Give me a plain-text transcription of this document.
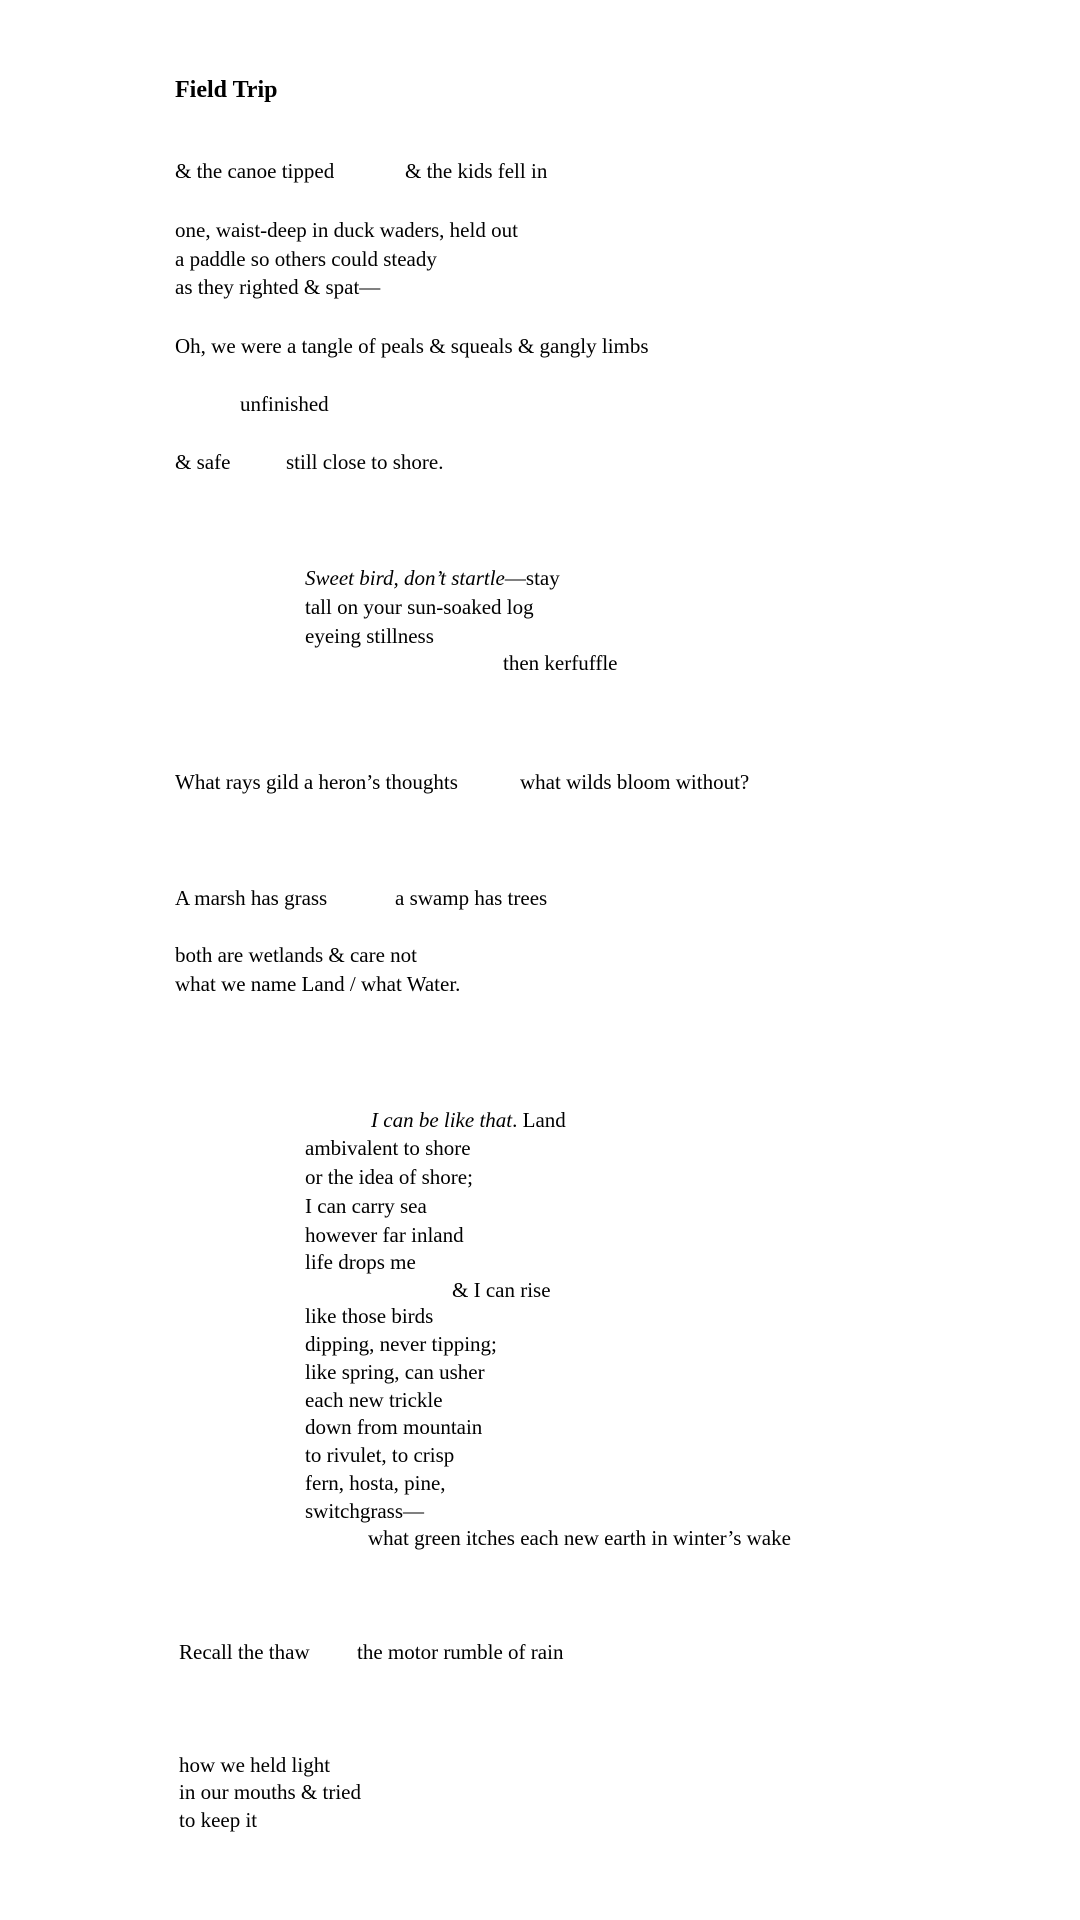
Field Trip
& the canoe tipped	& the kids fell in
one, waist-deep in duck waders, held out
a paddle so others could steady
as they righted & spat—
Oh, we were a tangle of peals & squeals & gangly limbs
unfinished
& safe	still close to shore.
Sweet bird, don’t startle—stay
tall on your sun-soaked log
eyeing stillness
then kerfuffle
What rays gild a heron’s thoughts	what wilds bloom without?
A marsh has grass	a swamp has trees
both are wetlands & care not
what we name Land / what Water.
I can be like that. Land
ambivalent to shore
or the idea of shore;
I can carry sea
however far inland
life drops me
& I can rise
like those birds
dipping, never tipping;
like spring, can usher
each new trickle
down from mountain
to rivulet, to crisp
fern, hosta, pine,
switchgrass—
what green itches each new earth in winter’s wake
Recall the thaw the motor rumble of rain
how we held light
in our mouths & tried
to keep it
